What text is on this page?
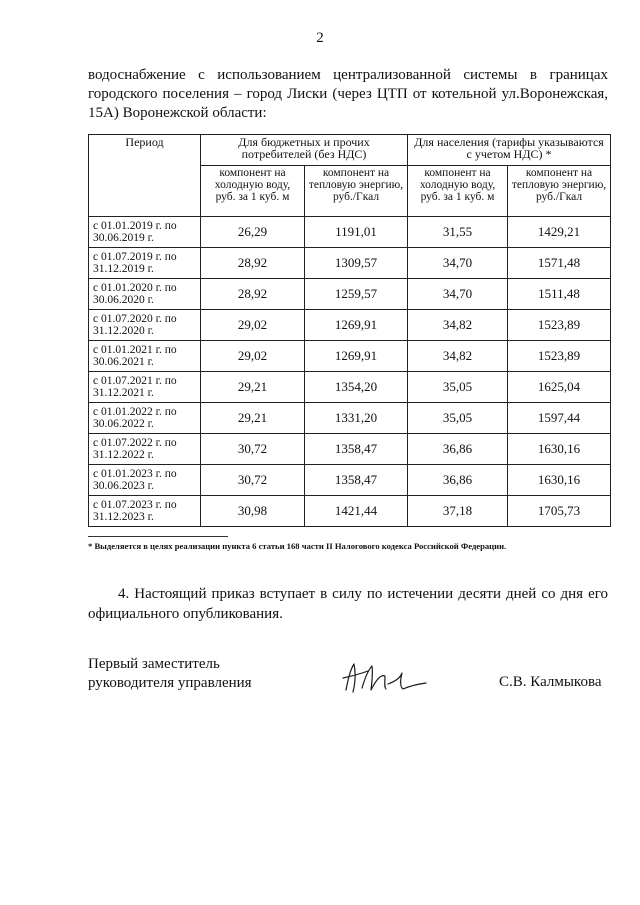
2

водоснабжение с использованием централизованной системы в границах городского поселения – город Лиски (через ЦТП от котельной ул.Воронежская, 15А) Воронежской области:

Период	Для бюджетных и прочих потребителей (без НДС)		Для населения (тарифы указываются с учетом НДС) *	
	компонент на холодную воду, руб. за 1 куб. м	компонент на тепловую энергию, руб./Гкал	компонент на холодную воду, руб. за 1 куб. м	компонент на тепловую энергию, руб./Гкал
с 01.01.2019 г. по
30.06.2019 г.	26,29	1191,01	31,55	1429,21
с 01.07.2019 г. по
31.12.2019 г.	28,92	1309,57	34,70	1571,48
с 01.01.2020 г. по
30.06.2020 г.	28,92	1259,57	34,70	1511,48
с 01.07.2020 г. по
31.12.2020 г.	29,02	1269,91	34,82	1523,89
с 01.01.2021 г. по
30.06.2021 г.	29,02	1269,91	34,82	1523,89
с 01.07.2021 г. по
31.12.2021 г.	29,21	1354,20	35,05	1625,04
с 01.01.2022 г. по
30.06.2022 г.	29,21	1331,20	35,05	1597,44
с 01.07.2022 г. по
31.12.2022 г.	30,72	1358,47	36,86	1630,16
с 01.01.2023 г. по
30.06.2023 г.	30,72	1358,47	36,86	1630,16
с 01.07.2023 г. по
31.12.2023 г.	30,98	1421,44	37,18	1705,73

* Выделяется в целях реализации пункта 6 статьи 168 части II Налогового кодекса Российской Федерации.

4. Настоящий приказ вступает в силу по истечении десяти дней со дня его официального опубликования.

Первый заместитель
руководителя управления	С.В. Калмыкова
